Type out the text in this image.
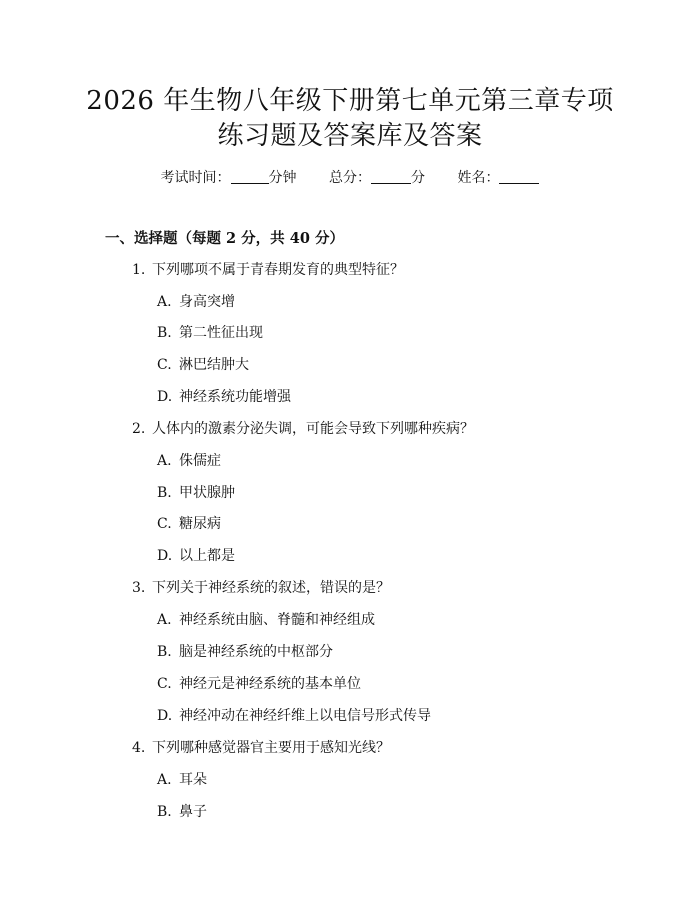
2026 年生物八年级下册第七单元第三章专项
练习题及答案库及答案
考试时间：	分钟 总分：	分 姓名：
一、选择题（每题 2 分，共 40 分）
1. 下列哪项不属于青春期发育的典型特征？
A. 身高突增
B. 第二性征出现
C. 淋巴结肿大
D. 神经系统功能增强
2. 人体内的激素分泌失调，可能会导致下列哪种疾病？
A. 侏儒症
B. 甲状腺肿
C. 糖尿病
D. 以上都是
3. 下列关于神经系统的叙述，错误的是？
A. 神经系统由脑、脊髓和神经组成
B. 脑是神经系统的中枢部分
C. 神经元是神经系统的基本单位
D. 神经冲动在神经纤维上以电信号形式传导
4. 下列哪种感觉器官主要用于感知光线？
A. 耳朵
B. 鼻子
